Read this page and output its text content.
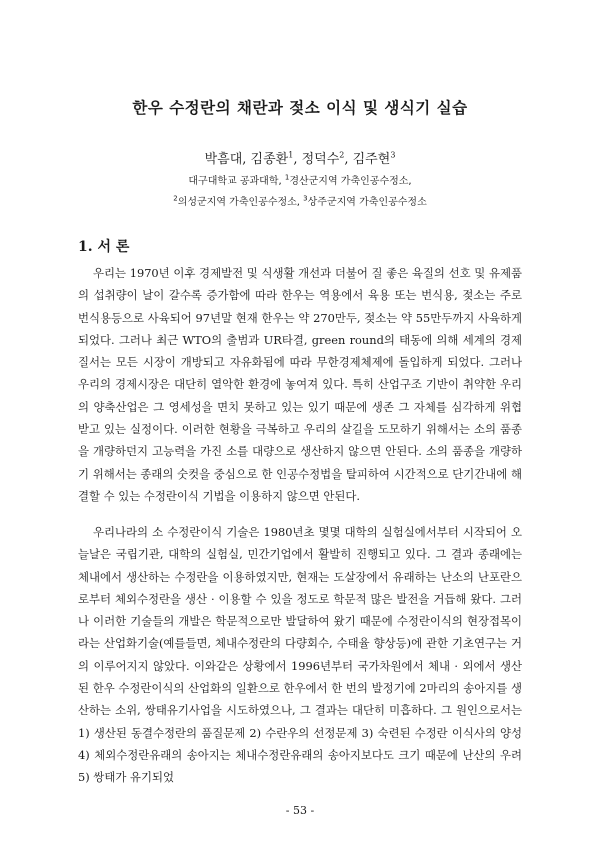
한우 수정란의 채란과 젖소 이식 및 생식기 실습
박흠대, 김종환$^1$, 정덕수$^2$, 김주현$^3$
대구대학교 공과대학, $^1$경산군지역 가축인공수정소,
$^2$의성군지역 가축인공수정소, $^3$상주군지역 가축인공수정소
1. 서 론

우리는 1970년 이후 경제발전 및 식생활 개선과 더불어 질 좋은 육질의 선호 및 유제품의 섭취량이 날이 갈수록 증가함에 따라 한우는 역용에서 육용 또는 번식용, 젖소는 주로 번식용등으로 사육되어 97년말 현재 한우는 약 270만두, 젖소는 약 55만두까지 사육하게 되었다. 그러나 최근 WTO의 출범과 UR타결, green round의 태동에 의해 세계의 경제질서는 모든 시장이 개방되고 자유화됨에 따라 무한경제체제에 돌입하게 되었다. 그러나 우리의 경제시장은 대단히 열악한 환경에 놓여져 있다. 특히 산업구조 기반이 취약한 우리의 양축산업은 그 영세성을 면치 못하고 있는 있기 때문에 생존 그 자체를 심각하게 위협 받고 있는 실정이다. 이러한 현황을 극복하고 우리의 살길을 도모하기 위해서는 소의 품종을 개량하던지 고능력을 가진 소를 대량으로 생산하지 않으면 안된다. 소의 품종을 개량하기 위해서는 종래의 숫컷을 중심으로 한 인공수정법을 탈피하여 시간적으로 단기간내에 해결할 수 있는 수정란이식 기법을 이용하지 않으면 안된다.

우리나라의 소 수정란이식 기술은 1980년초 몇몇 대학의 실험실에서부터 시작되어 오늘날은 국립기관, 대학의 실험실, 민간기업에서 활발히 진행되고 있다. 그 결과 종래에는 체내에서 생산하는 수정란을 이용하였지만, 현재는 도살장에서 유래하는 난소의 난포란으로부터 체외수정란을 생산 · 이용할 수 있을 정도로 학문적 많은 발전을 거듭해 왔다. 그러나 이러한 기술들의 개발은 학문적으로만 발달하여 왔기 때문에 수정란이식의 현장접목이라는 산업화기술(예를들면, 체내수정란의 다량회수, 수태율 향상등)에 관한 기초연구는 거의 이루어지지 않았다. 이와같은 상황에서 1996년부터 국가차원에서 체내 · 외에서 생산된 한우 수정란이식의 산업화의 일환으로 한우에서 한 번의 발정기에 2마리의 송아지를 생산하는 소위, 쌍태유기사업을 시도하였으나, 그 결과는 대단히 미흡하다. 그 원인으로서는 1) 생산된 동결수정란의 품질문제 2) 수란우의 선정문제 3) 숙련된 수정란 이식사의 양성 4) 체외수정란유래의 송아지는 체내수정란유래의 송아지보다도 크기 때문에 난산의 우려 5) 쌍태가 유기되었

- 53 -
